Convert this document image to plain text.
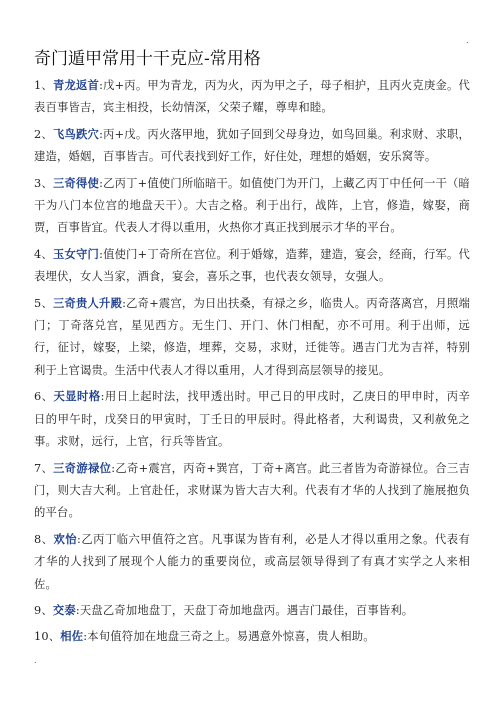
.
奇门遁甲常用十干克应-常用格

1、青龙返首:戊+丙。甲为青龙，丙为火，丙为甲之子，母子相护，且丙火克庚金。代表百事皆吉，宾主相投，长幼情深，父荣子耀，尊卑和睦。

2、飞鸟跌穴:丙+戊。丙火落甲地，犹如子回到父母身边，如鸟回巢。利求财、求职，建造，婚姻，百事皆吉。可代表找到好工作，好住处，理想的婚姻，安乐窝等。

3、三奇得使:乙丙丁+值使门所临暗干。如值使门为开门，上藏乙丙丁中任何一干（暗干为八门本位宫的地盘天干）。大吉之格。利于出行，战阵，上官，修造，嫁娶，商贾，百事皆宜。代表人才得以重用，火热你才真正找到展示才华的平台。

4、玉女守门:值使门+丁奇所在宫位。利于婚嫁，造葬，建造，宴会，经商，行军。代表埋伏，女人当家，酒食，宴会，喜乐之事，也代表女领导，女强人。

5、三奇贵人升殿:乙奇+震宫，为日出扶桑，有禄之乡，临贵人。丙奇落离宫，月照端门；丁奇落兑宫，星见西方。无生门、开门、休门相配，亦不可用。利于出师，远行，征讨，嫁娶，上梁，修造，埋葬，交易，求财，迁徙等。遇吉门尤为吉祥，特别利于上官谒贵。生活中代表人才得以重用，人才得到高层领导的接见。

6、天显时格:用日上起时法，找甲透出时。甲己日的甲戌时，乙庚日的甲申时，丙辛日的甲午时，戊癸日的甲寅时，丁壬日的甲辰时。得此格者，大利谒贵，又利赦免之事。求财，远行，上官，行兵等皆宜。

7、三奇游禄位:乙奇+震宫，丙奇+巽宫，丁奇+离宫。此三者皆为奇游禄位。合三吉门，则大吉大利。上官赴任，求财谋为皆大吉大利。代表有才华的人找到了施展抱负的平台。

8、欢怡:乙丙丁临六甲值符之宫。凡事谋为皆有利，必是人才得以重用之象。代表有才华的人找到了展现个人能力的重要岗位，或高层领导得到了有真才实学之人来相佐。

9、交泰:天盘乙奇加地盘丁，天盘丁奇加地盘丙。遇吉门最佳，百事皆利。

10、相佐:本旬值符加在地盘三奇之上。易遇意外惊喜，贵人相助。

.
